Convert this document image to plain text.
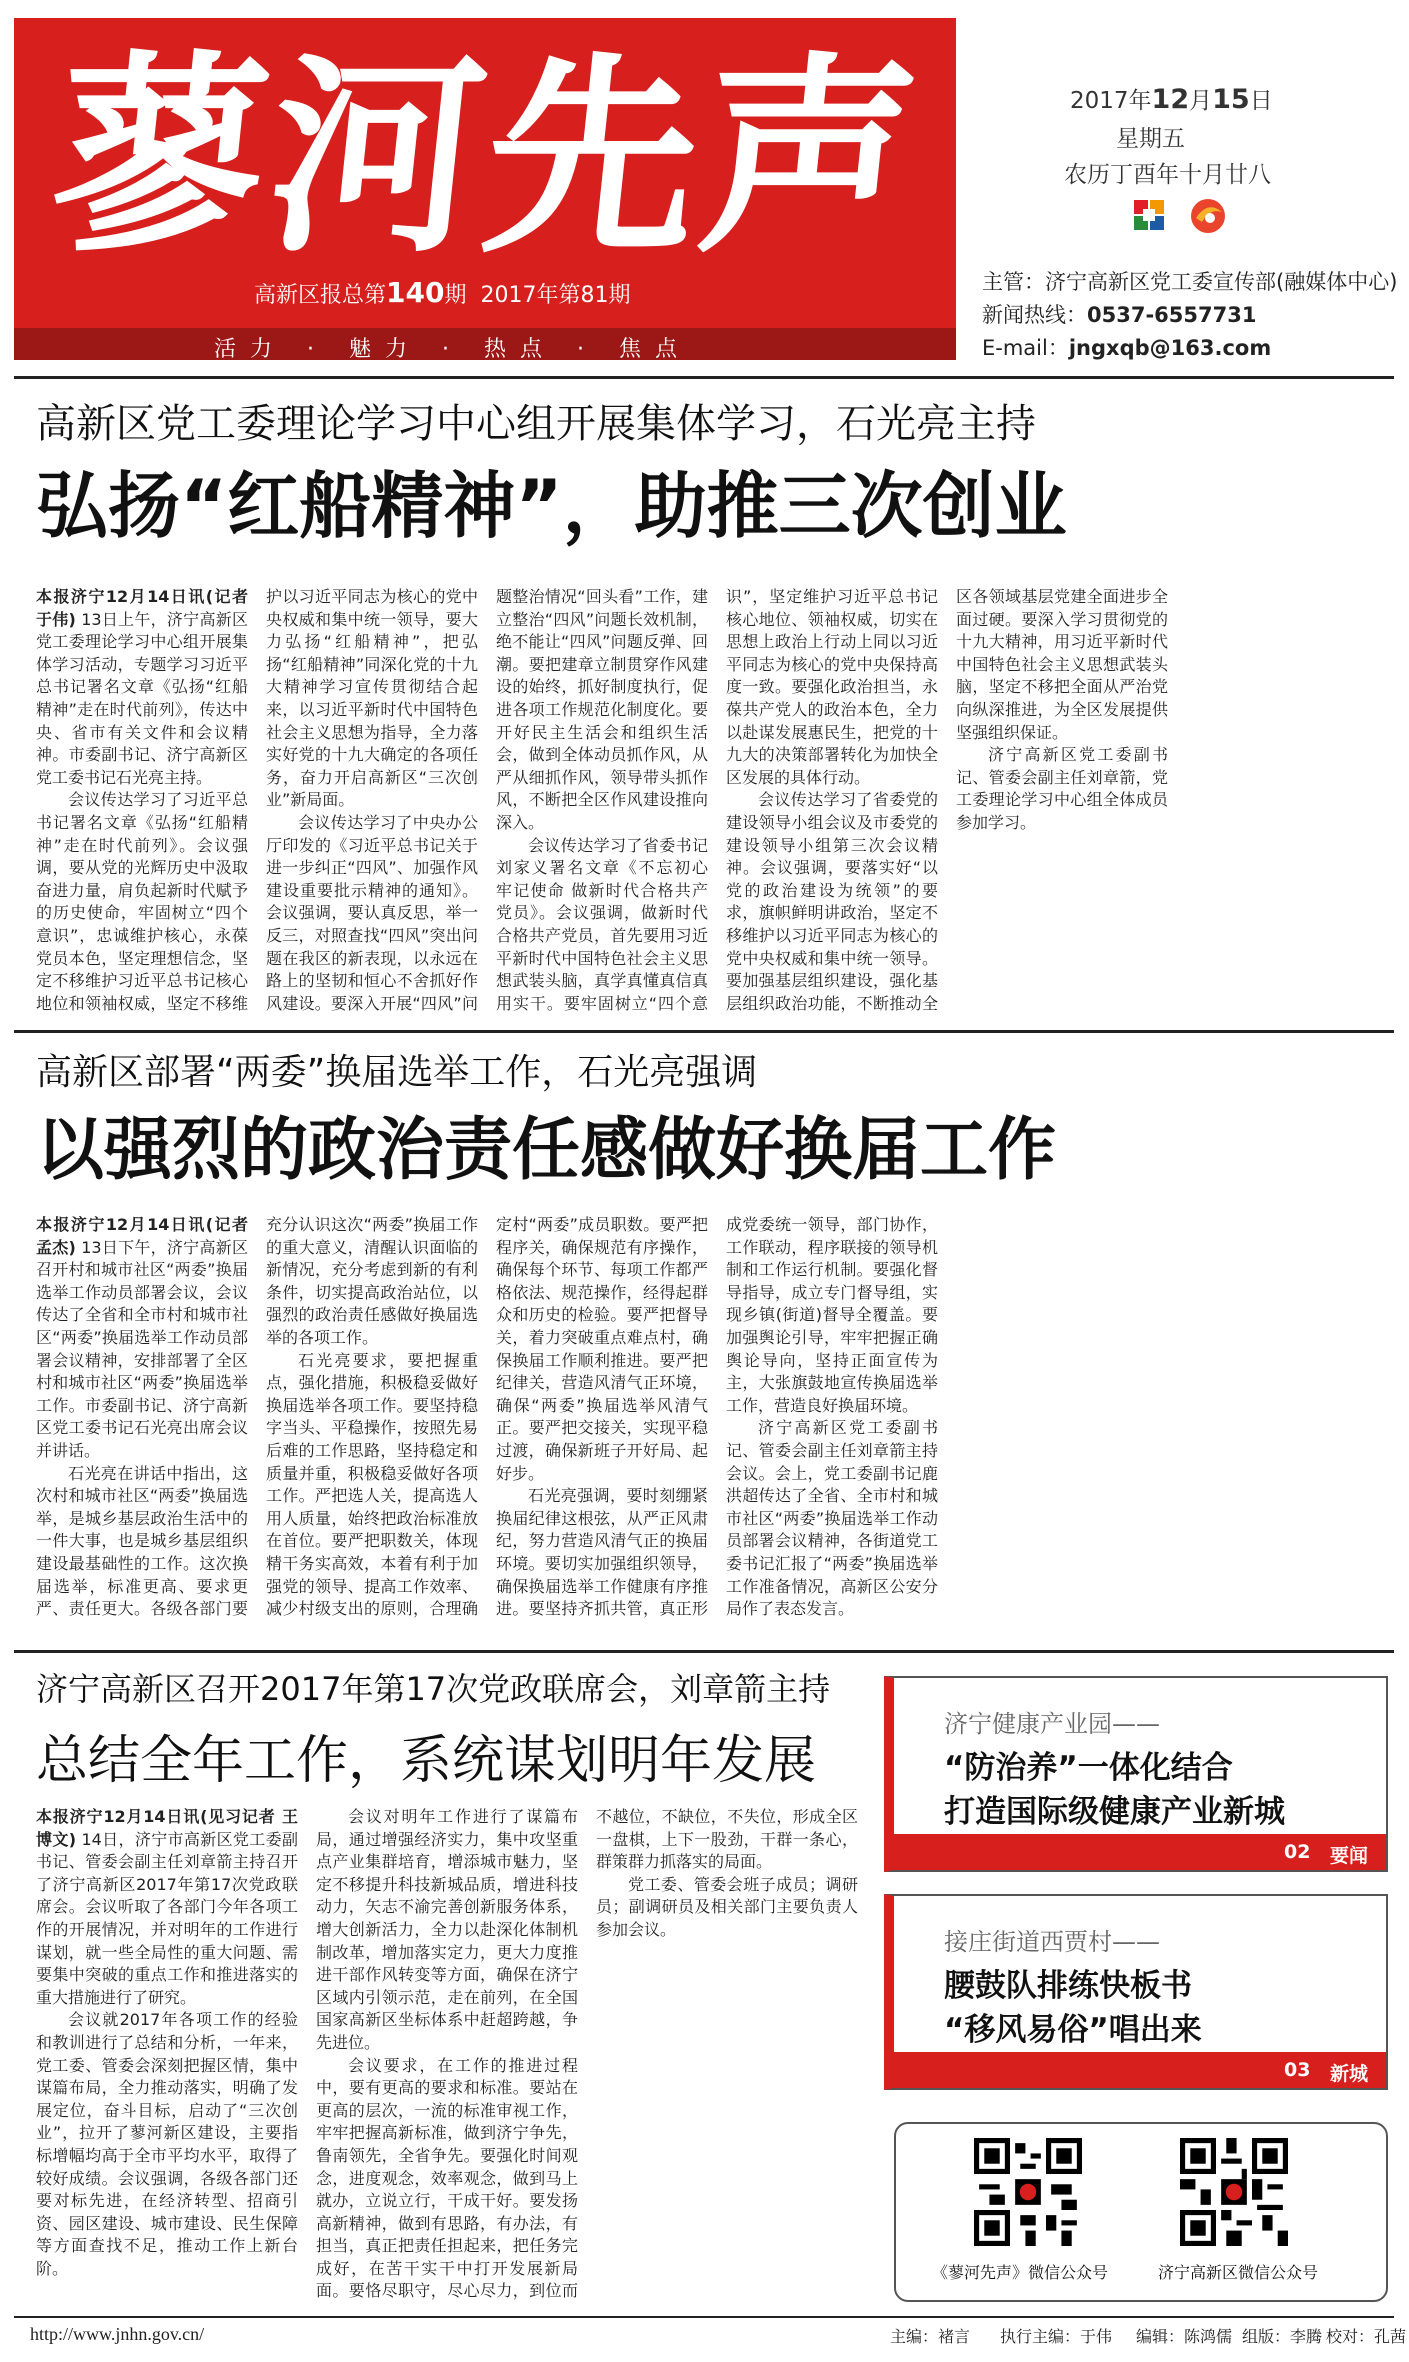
蓼河先声
高新区报总第140期 2017年第81期
活力 · 魅力 · 热点 · 焦点
2017年12月15日
星期五
农历丁酉年十月廿八
主管：济宁高新区党工委宣传部(融媒体中心)
新闻热线：0537-6557731
E-mail：jngxqb@163.com
高新区党工委理论学习中心组开展集体学习，石光亮主持
弘扬“红船精神”，助推三次创业

本报济宁12月14日讯(记者 于伟) 13日上午，济宁高新区党工委理论学习中心组开展集体学习活动，专题学习习近平总书记署名文章《弘扬“红船精神”走在时代前列》，传达中央、省市有关文件和会议精神。市委副书记、济宁高新区党工委书记石光亮主持。

会议传达学习了习近平总书记署名文章《弘扬“红船精神”走在时代前列》。会议强调，要从党的光辉历史中汲取奋进力量，肩负起新时代赋予的历史使命，牢固树立“四个意识”，忠诚维护核心，永葆党员本色，坚定理想信念，坚定不移维护习近平总书记核心地位和领袖权威，坚定不移维护以习近平同志为核心的党中央权威和集中统一领导，要大力弘扬“红船精神”，把弘扬“红船精神”同深化党的十九大精神学习宣传贯彻结合起来，以习近平新时代中国特色社会主义思想为指导，全力落实好党的十九大确定的各项任务，奋力开启高新区“三次创业”新局面。

会议传达学习了中央办公厅印发的《习近平总书记关于进一步纠正“四风”、加强作风建设重要批示精神的通知》。会议强调，要认真反思，举一反三，对照查找“四风”突出问题在我区的新表现，以永远在路上的坚韧和恒心不舍抓好作风建设。要深入开展“四风”问题整治情况“回头看”工作，建立整治“四风”问题长效机制，绝不能让“四风”问题反弹、回潮。要把建章立制贯穿作风建设的始终，抓好制度执行，促进各项工作规范化制度化。要开好民主生活会和组织生活会，做到全体动员抓作风，从严从细抓作风，领导带头抓作风，不断把全区作风建设推向深入。

会议传达学习了省委书记刘家义署名文章《不忘初心 牢记使命 做新时代合格共产党员》。会议强调，做新时代合格共产党员，首先要用习近平新时代中国特色社会主义思想武装头脑，真学真懂真信真用实干。要牢固树立“四个意识”，坚定维护习近平总书记核心地位、领袖权威，切实在思想上政治上行动上同以习近平同志为核心的党中央保持高度一致。要强化政治担当，永葆共产党人的政治本色，全力以赴谋发展惠民生，把党的十九大的决策部署转化为加快全区发展的具体行动。

会议传达学习了省委党的建设领导小组会议及市委党的建设领导小组第三次会议精神。会议强调，要落实好“以党的政治建设为统领”的要求，旗帜鲜明讲政治，坚定不移维护以习近平同志为核心的党中央权威和集中统一领导。要加强基层组织建设，强化基层组织政治功能，不断推动全区各领域基层党建全面进步全面过硬。要深入学习贯彻党的十九大精神，用习近平新时代中国特色社会主义思想武装头脑，坚定不移把全面从严治党向纵深推进，为全区发展提供坚强组织保证。

济宁高新区党工委副书记、管委会副主任刘章箭，党工委理论学习中心组全体成员参加学习。

高新区部署“两委”换届选举工作，石光亮强调
以强烈的政治责任感做好换届工作

本报济宁12月14日讯(记者 孟杰) 13日下午，济宁高新区召开村和城市社区“两委”换届选举工作动员部署会议，会议传达了全省和全市村和城市社区“两委”换届选举工作动员部署会议精神，安排部署了全区村和城市社区“两委”换届选举工作。市委副书记、济宁高新区党工委书记石光亮出席会议并讲话。

石光亮在讲话中指出，这次村和城市社区“两委”换届选举，是城乡基层政治生活中的一件大事，也是城乡基层组织建设最基础性的工作。这次换届选举，标准更高、要求更严、责任更大。各级各部门要充分认识这次“两委”换届工作的重大意义，清醒认识面临的新情况，充分考虑到新的有利条件，切实提高政治站位，以强烈的政治责任感做好换届选举的各项工作。

石光亮要求，要把握重点，强化措施，积极稳妥做好换届选举各项工作。要坚持稳字当头、平稳操作，按照先易后难的工作思路，坚持稳定和质量并重，积极稳妥做好各项工作。严把选人关，提高选人用人质量，始终把政治标准放在首位。要严把职数关，体现精干务实高效，本着有利于加强党的领导、提高工作效率、减少村级支出的原则，合理确定村“两委”成员职数。要严把程序关，确保规范有序操作，确保每个环节、每项工作都严格依法、规范操作，经得起群众和历史的检验。要严把督导关，着力突破重点难点村，确保换届工作顺利推进。要严把纪律关，营造风清气正环境，确保“两委”换届选举风清气正。要严把交接关，实现平稳过渡，确保新班子开好局、起好步。

石光亮强调，要时刻绷紧换届纪律这根弦，从严正风肃纪，努力营造风清气正的换届环境。要切实加强组织领导，确保换届选举工作健康有序推进。要坚持齐抓共管，真正形成党委统一领导，部门协作，工作联动，程序联接的领导机制和工作运行机制。要强化督导指导，成立专门督导组，实现乡镇(街道)督导全覆盖。要加强舆论引导，牢牢把握正确舆论导向，坚持正面宣传为主，大张旗鼓地宣传换届选举工作，营造良好换届环境。

济宁高新区党工委副书记、管委会副主任刘章箭主持会议。会上，党工委副书记鹿洪超传达了全省、全市村和城市社区“两委”换届选举工作动员部署会议精神，各街道党工委书记汇报了“两委”换届选举工作准备情况，高新区公安分局作了表态发言。

济宁高新区召开2017年第17次党政联席会，刘章箭主持
总结全年工作，系统谋划明年发展

本报济宁12月14日讯(见习记者 王博文) 14日，济宁市高新区党工委副书记、管委会副主任刘章箭主持召开了济宁高新区2017年第17次党政联席会。会议听取了各部门今年各项工作的开展情况，并对明年的工作进行谋划，就一些全局性的重大问题、需要集中突破的重点工作和推进落实的重大措施进行了研究。

会议就2017年各项工作的经验和教训进行了总结和分析，一年来，党工委、管委会深刻把握区情，集中谋篇布局，全力推动落实，明确了发展定位，奋斗目标，启动了“三次创业”，拉开了蓼河新区建设，主要指标增幅均高于全市平均水平，取得了较好成绩。会议强调，各级各部门还要对标先进，在经济转型、招商引资、园区建设、城市建设、民生保障等方面查找不足，推动工作上新台阶。

会议对明年工作进行了谋篇布局，通过增强经济实力，集中攻坚重点产业集群培育，增添城市魅力，坚定不移提升科技新城品质，增进科技动力，矢志不渝完善创新服务体系，增大创新活力，全力以赴深化体制机制改革，增加落实定力，更大力度推进干部作风转变等方面，确保在济宁区域内引领示范，走在前列，在全国国家高新区坐标体系中赶超跨越，争先进位。

会议要求，在工作的推进过程中，要有更高的要求和标准。要站在更高的层次，一流的标准审视工作，牢牢把握高新标准，做到济宁争先，鲁南领先，全省争先。要强化时间观念，进度观念，效率观念，做到马上就办，立说立行，干成干好。要发扬高新精神，做到有思路，有办法，有担当，真正把责任担起来，把任务完成好，在苦干实干中打开发展新局面。要恪尽职守，尽心尽力，到位而不越位，不缺位，不失位，形成全区一盘棋，上下一股劲，干群一条心，群策群力抓落实的局面。

党工委、管委会班子成员；调研员；副调研员及相关部门主要负责人参加会议。

济宁健康产业园——
“防治养”一体化结合
打造国际级健康产业新城
02 要闻
接庄街道西贾村——
腰鼓队排练快板书
“移风易俗”唱出来
03 新城
《蓼河先声》微信公众号	济宁高新区微信公众号
http://www.jnhn.gov.cn/	主编：褚言 执行主编：于伟 编辑：陈鸿儒 组版：李腾 校对：孔茜
